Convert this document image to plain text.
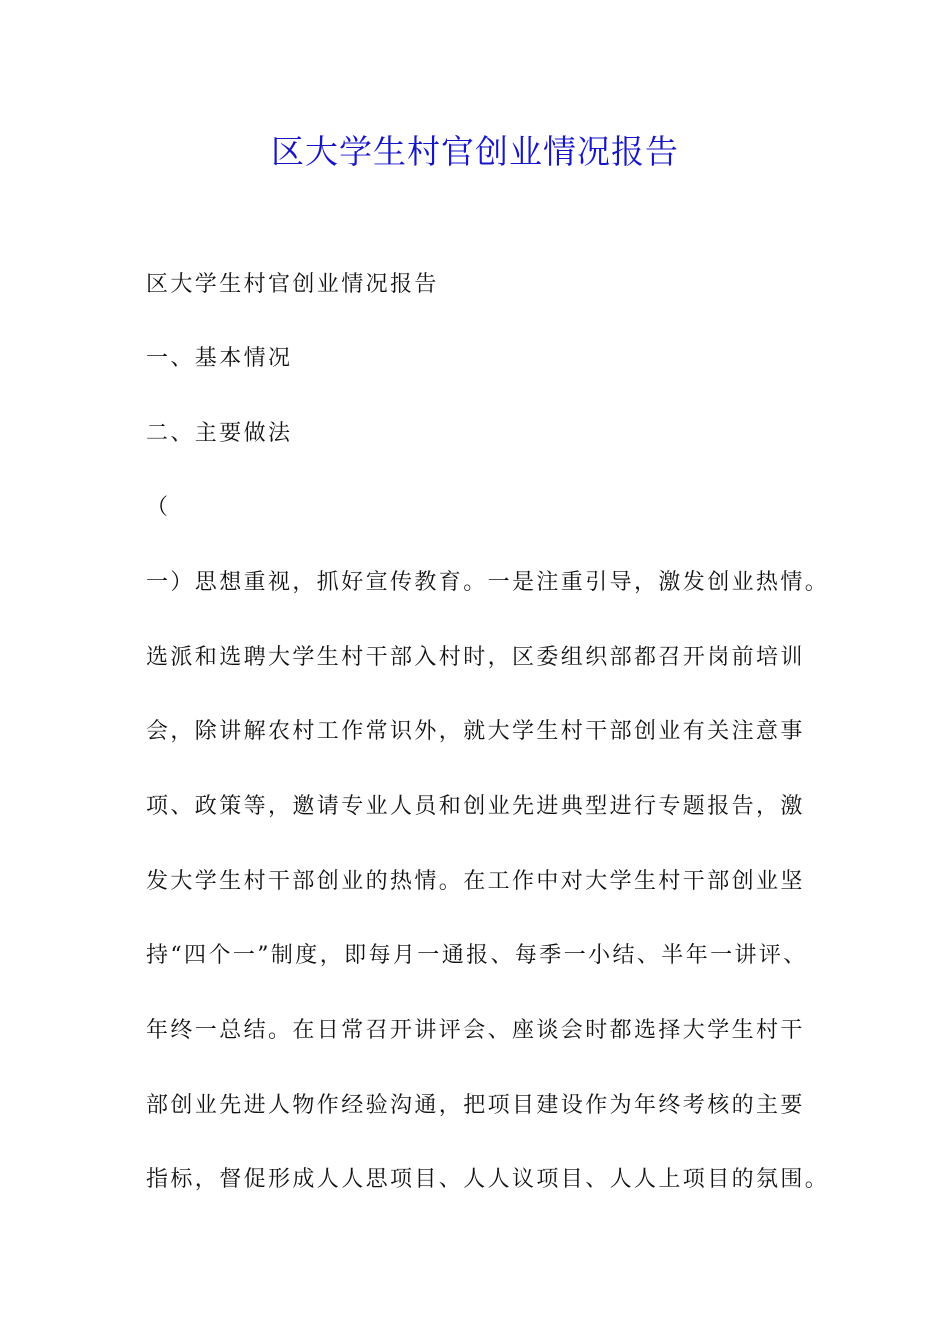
区大学生村官创业情况报告

区大学生村官创业情况报告

一、基本情况

二、主要做法

（

一）思想重视，抓好宣传教育。一是注重引导，激发创业热情。

选派和选聘大学生村干部入村时，区委组织部都召开岗前培训

会，除讲解农村工作常识外，就大学生村干部创业有关注意事

项、政策等，邀请专业人员和创业先进典型进行专题报告，激

发大学生村干部创业的热情。在工作中对大学生村干部创业坚

持“四个一”制度，即每月一通报、每季一小结、半年一讲评、

年终一总结。在日常召开讲评会、座谈会时都选择大学生村干

部创业先进人物作经验沟通，把项目建设作为年终考核的主要

指标，督促形成人人思项目、人人议项目、人人上项目的氛围。
